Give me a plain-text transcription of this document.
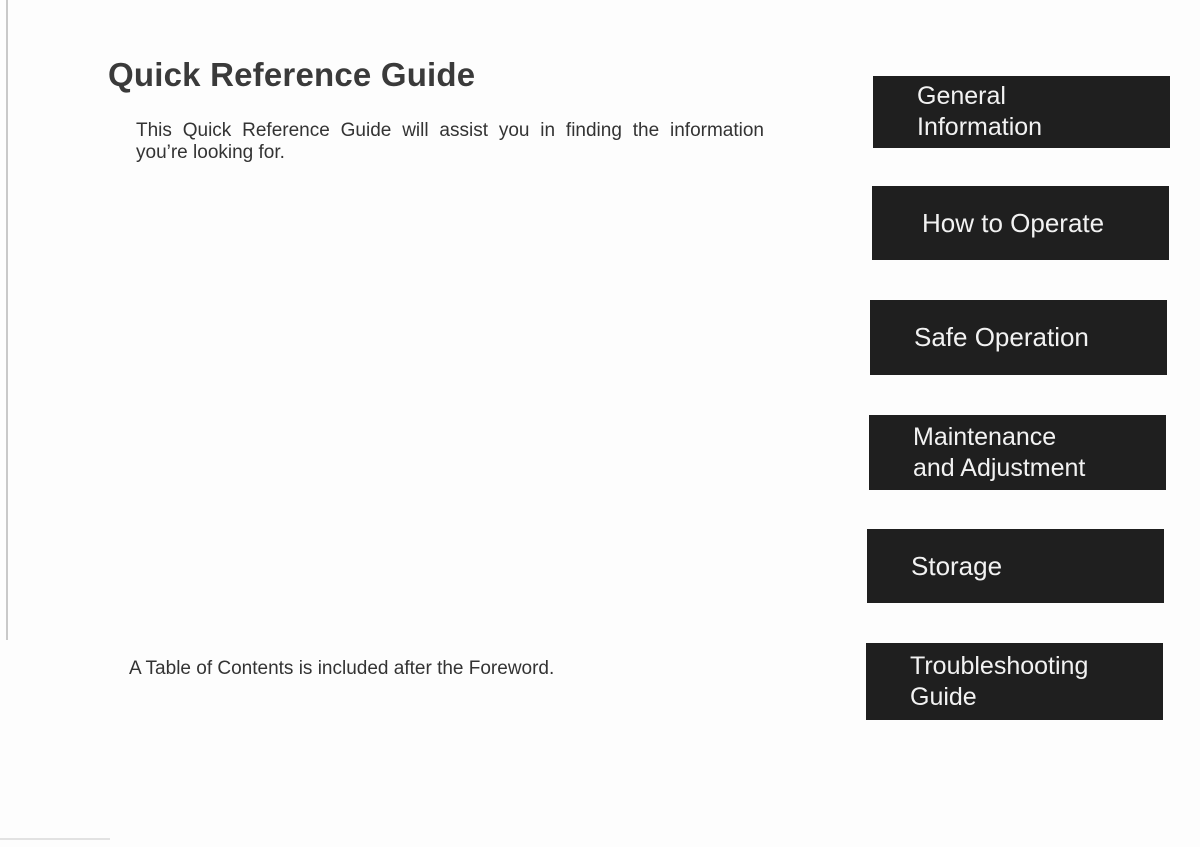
Quick Reference Guide

This Quick Reference Guide will assist you in finding the information you’re looking for.

A Table of Contents is included after the Foreword.

General
Information
How to Operate
Safe Operation
Maintenance
and Adjustment
Storage
Troubleshooting
Guide
